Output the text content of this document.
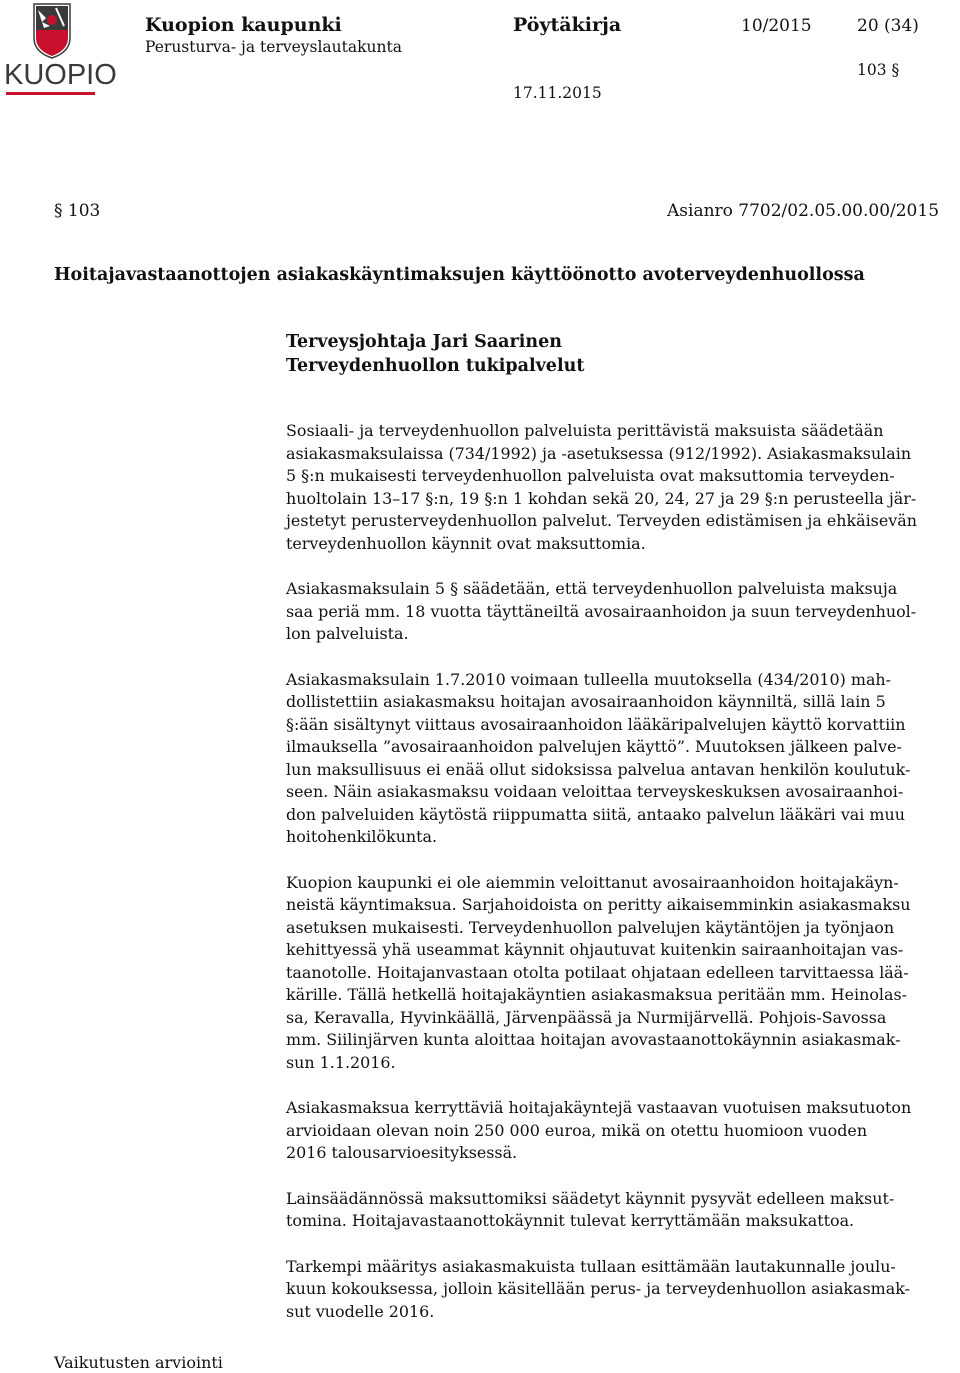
KUOPIO
Kuopion kaupunki
Perusturva- ja terveyslautakunta
Pöytäkirja	10/2015	20 (34)
103 §
17.11.2015
§ 103	Asianro 7702/02.05.00.00/2015
Hoitajavastaanottojen asiakaskäyntimaksujen käyttöönotto avoterveydenhuollossa
Terveysjohtaja Jari Saarinen
Terveydenhuollon tukipalvelut

Sosiaali- ja terveydenhuollon palveluista perittävistä maksuista säädetään
asiakasmaksulaissa (734/1992) ja -asetuksessa (912/1992). Asiakasmaksulain
5 §:n mukaisesti terveydenhuollon palveluista ovat maksuttomia terveyden-
huoltolain 13–17 §:n, 19 §:n 1 kohdan sekä 20, 24, 27 ja 29 §:n perusteella jär-
jestetyt perusterveydenhuollon palvelut. Terveyden edistämisen ja ehkäisevän
terveydenhuollon käynnit ovat maksuttomia.

Asiakasmaksulain 5 § säädetään, että terveydenhuollon palveluista maksuja
saa periä mm. 18 vuotta täyttäneiltä avosairaanhoidon ja suun terveydenhuol-
lon palveluista.

Asiakasmaksulain 1.7.2010 voimaan tulleella muutoksella (434/2010) mah-
dollistettiin asiakasmaksu hoitajan avosairaanhoidon käynniltä, sillä lain 5
§:ään sisältynyt viittaus avosairaanhoidon lääkäripalvelujen käyttö korvattiin
ilmauksella ”avosairaanhoidon palvelujen käyttö”. Muutoksen jälkeen palve-
lun maksullisuus ei enää ollut sidoksissa palvelua antavan henkilön koulutuk-
seen. Näin asiakasmaksu voidaan veloittaa terveyskeskuksen avosairaanhoi-
don palveluiden käytöstä riippumatta siitä, antaako palvelun lääkäri vai muu
hoitohenkilökunta.

Kuopion kaupunki ei ole aiemmin veloittanut avosairaanhoidon hoitajakäyn-
neistä käyntimaksua. Sarjahoidoista on peritty aikaisemminkin asiakasmaksu
asetuksen mukaisesti. Terveydenhuollon palvelujen käytäntöjen ja työnjaon
kehittyessä yhä useammat käynnit ohjautuvat kuitenkin sairaanhoitajan vas-
taanotolle. Hoitajanvastaan otolta potilaat ohjataan edelleen tarvittaessa lää-
kärille. Tällä hetkellä hoitajakäyntien asiakasmaksua peritään mm. Heinolas-
sa, Keravalla, Hyvinkäällä, Järvenpäässä ja Nurmijärvellä. Pohjois-Savossa
mm. Siilinjärven kunta aloittaa hoitajan avovastaanottokäynnin asiakasmak-
sun 1.1.2016.

Asiakasmaksua kerryttäviä hoitajakäyntejä vastaavan vuotuisen maksutuoton
arvioidaan olevan noin 250 000 euroa, mikä on otettu huomioon vuoden
2016 talousarvioesityksessä.

Lainsäädännössä maksuttomiksi säädetyt käynnit pysyvät edelleen maksut-
tomina. Hoitajavastaanottokäynnit tulevat kerryttämään maksukattoa.

Tarkempi määritys asiakasmakuista tullaan esittämään lautakunnalle joulu-
kuun kokouksessa, jolloin käsitellään perus- ja terveydenhuollon asiakasmak-
sut vuodelle 2016.

Vaikutusten arviointi
